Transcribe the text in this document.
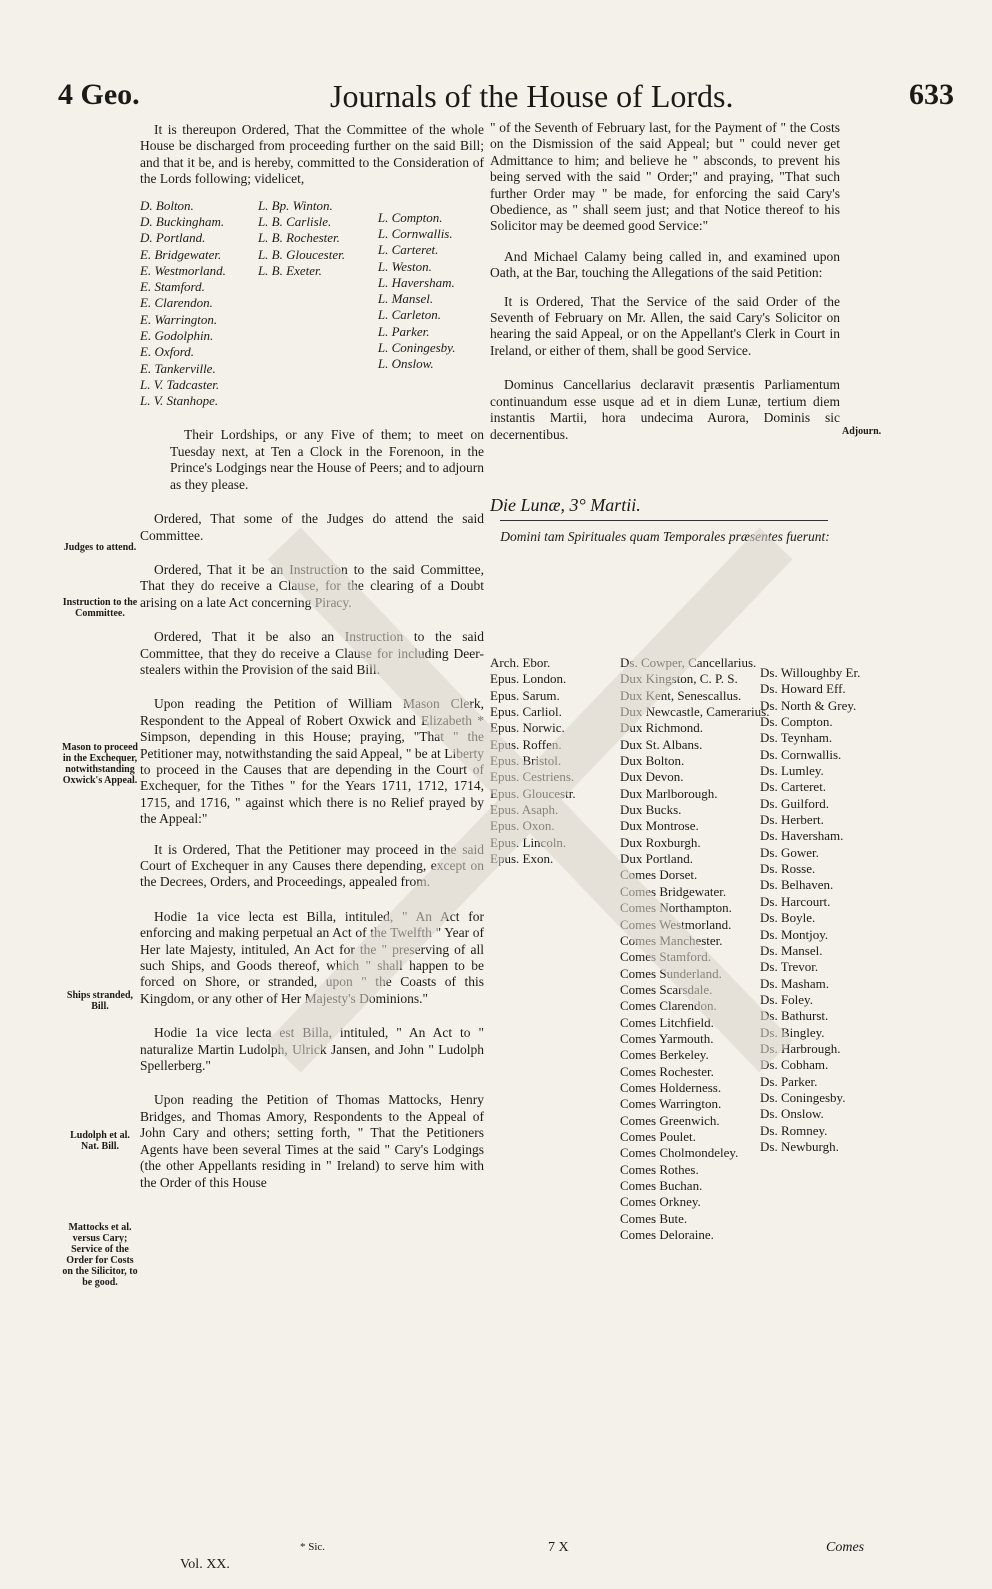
4 Geo.	Journals of the House of Lords.	633

It is thereupon Ordered, That the Committee of the whole House be discharged from proceeding further on the said Bill; and that it be, and is hereby, committed to the Consideration of the Lords following; videlicet,

D. Bolton.
D. Buckingham.
D. Portland.
E. Bridgewater.
E. Westmorland.
E. Stamford.
E. Clarendon.
E. Warrington.
E. Godolphin.
E. Oxford.
E. Tankerville.
L. V. Tadcaster.
L. V. Stanhope.
L. Bp. Winton.
L. B. Carlisle.
L. B. Rochester.
L. B. Gloucester.
L. B. Exeter.
L. Compton.
L. Cornwallis.
L. Carteret.
L. Weston.
L. Haversham.
L. Mansel.
L. Carleton.
L. Parker.
L. Coningesby.
L. Onslow.

Their Lordships, or any Five of them; to meet on Tuesday next, at Ten a Clock in the Forenoon, in the Prince's Lodgings near the House of Peers; and to adjourn as they please.

Ordered, That some of the Judges do attend the said Committee.

Ordered, That it be an Instruction to the said Committee, That they do receive a Clause, for the clearing of a Doubt arising on a late Act concerning Piracy.

Ordered, That it be also an Instruction to the said Committee, that they do receive a Clause for including Deer-stealers within the Provision of the said Bill.

Upon reading the Petition of William Mason Clerk, Respondent to the Appeal of Robert Oxwick and Elizabeth * Simpson, depending in this House; praying, "That " the Petitioner may, notwithstanding the said Appeal, " be at Liberty to proceed in the Causes that are depending in the Court of Exchequer, for the Tithes " for the Years 1711, 1712, 1714, 1715, and 1716, " against which there is no Relief prayed by the Appeal:"

It is Ordered, That the Petitioner may proceed in the said Court of Exchequer in any Causes there depending, except on the Decrees, Orders, and Proceedings, appealed from.

Hodie 1a vice lecta est Billa, intituled, " An Act for enforcing and making perpetual an Act of the Twelfth " Year of Her late Majesty, intituled, An Act for the " preserving of all such Ships, and Goods thereof, which " shall happen to be forced on Shore, or stranded, upon " the Coasts of this Kingdom, or any other of Her Majesty's Dominions."

Hodie 1a vice lecta est Billa, intituled, " An Act to " naturalize Martin Ludolph, Ulrick Jansen, and John " Ludolph Spellerberg."

Upon reading the Petition of Thomas Mattocks, Henry Bridges, and Thomas Amory, Respondents to the Appeal of John Cary and others; setting forth, " That the Petitioners Agents have been several Times at the said " Cary's Lodgings (the other Appellants residing in " Ireland) to serve him with the Order of this House

Judges to attend.
Instruction to the Committee.
Mason to proceed in the Exchequer, notwithstanding Oxwick's Appeal.
Ships stranded, Bill.
Ludolph et al. Nat. Bill.
Mattocks et al. versus Cary; Service of the Order for Costs on the Silicitor, to be good.
Adjourn.

" of the Seventh of February last, for the Payment of " the Costs on the Dismission of the said Appeal; but " could never get Admittance to him; and believe he " absconds, to prevent his being served with the said " Order;" and praying, "That such further Order may " be made, for enforcing the said Cary's Obedience, as " shall seem just; and that Notice thereof to his Solicitor may be deemed good Service:"

And Michael Calamy being called in, and examined upon Oath, at the Bar, touching the Allegations of the said Petition:

It is Ordered, That the Service of the said Order of the Seventh of February on Mr. Allen, the said Cary's Solicitor on hearing the said Appeal, or on the Appellant's Clerk in Court in Ireland, or either of them, shall be good Service.

Dominus Cancellarius declaravit præsentis Parliamentum continuandum esse usque ad et in diem Lunæ, tertium diem instantis Martii, hora undecima Aurora, Dominis sic decernentibus.

Die Lunæ, 3° Martii.

Domini tam Spirituales quam Temporales præsentes fuerunt:

Arch. Ebor.
Epus. London.
Epus. Sarum.
Epus. Carliol.
Epus. Norwic.
Epus. Roffen.
Epus. Bristol.
Epus. Cestriens.
Epus. Gloucestr.
Epus. Asaph.
Epus. Oxon.
Epus. Lincoln.
Epus. Exon.
Ds. Cowper, Cancellarius.
Dux Kingston, C. P. S.
Dux Kent, Senescallus.
Dux Newcastle, Camerarius.
Dux Richmond.
Dux St. Albans.
Dux Bolton.
Dux Devon.
Dux Marlborough.
Dux Bucks.
Dux Montrose.
Dux Roxburgh.
Dux Portland.
Comes Dorset.
Comes Bridgewater.
Comes Northampton.
Comes Westmorland.
Comes Manchester.
Comes Stamford.
Comes Sunderland.
Comes Scarsdale.
Comes Clarendon.
Comes Litchfield.
Comes Yarmouth.
Comes Berkeley.
Comes Rochester.
Comes Holderness.
Comes Warrington.
Comes Greenwich.
Comes Poulet.
Comes Cholmondeley.
Comes Rothes.
Comes Buchan.
Comes Orkney.
Comes Bute.
Comes Deloraine.
Ds. Willoughby Er.
Ds. Howard Eff.
Ds. North & Grey.
Ds. Compton.
Ds. Teynham.
Ds. Cornwallis.
Ds. Lumley.
Ds. Carteret.
Ds. Guilford.
Ds. Herbert.
Ds. Haversham.
Ds. Gower.
Ds. Rosse.
Ds. Belhaven.
Ds. Harcourt.
Ds. Boyle.
Ds. Montjoy.
Ds. Mansel.
Ds. Trevor.
Ds. Masham.
Ds. Foley.
Ds. Bathurst.
Ds. Bingley.
Ds. Harbrough.
Ds. Cobham.
Ds. Parker.
Ds. Coningesby.
Ds. Onslow.
Ds. Romney.
Ds. Newburgh.
Vol. XX.
* Sic.	7 X	Comes
